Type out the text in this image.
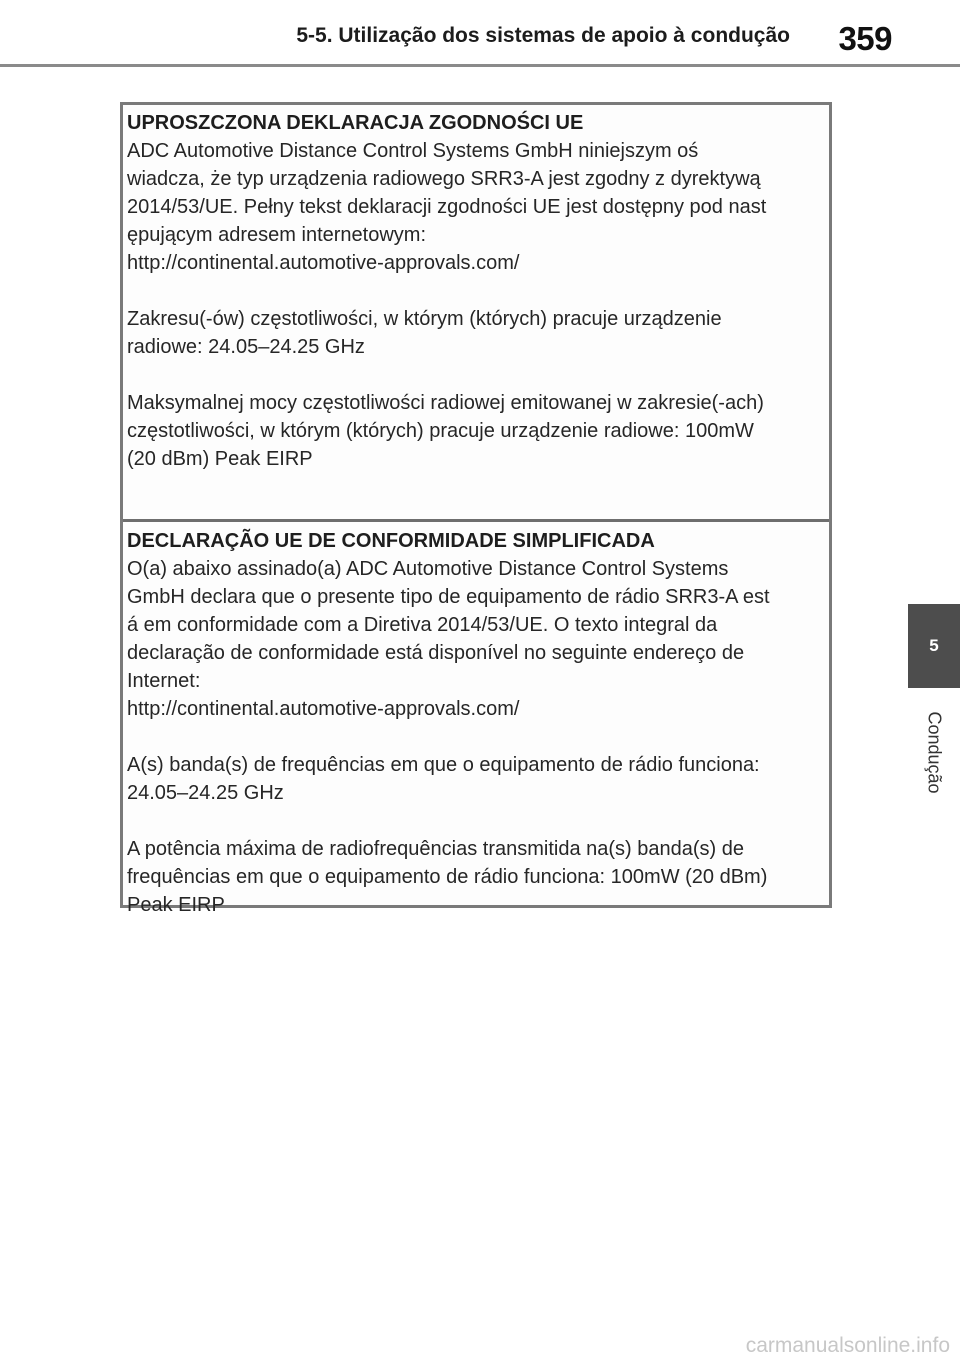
5-5. Utilização dos sistemas de apoio à condução 359
5
Condução
UPROSZCZONA DEKLARACJA ZGODNOŚCI UE
ADC Automotive Distance Control Systems GmbH niniejszym oś
wiadcza, że typ urządzenia radiowego SRR3-A jest zgodny z dyrektywą
2014/53/UE. Pełny tekst deklaracji zgodności UE jest dostępny pod nast
ępującym adresem internetowym:
http://continental.automotive-approvals.com/
Zakresu(-ów) częstotliwości, w którym (których) pracuje urządzenie
radiowe: 24.05–24.25 GHz
Maksymalnej mocy częstotliwości radiowej emitowanej w zakresie(-ach)
częstotliwości, w którym (których) pracuje urządzenie radiowe: 100mW
(20 dBm) Peak EIRP
DECLARAÇÃO UE DE CONFORMIDADE SIMPLIFICADA
O(a) abaixo assinado(a) ADC Automotive Distance Control Systems
GmbH declara que o presente tipo de equipamento de rádio SRR3-A est
á em conformidade com a Diretiva 2014/53/UE. O texto integral da
declaração de conformidade está disponível no seguinte endereço de
Internet:
http://continental.automotive-approvals.com/
A(s) banda(s) de frequências em que o equipamento de rádio funciona:
24.05–24.25 GHz
A potência máxima de radiofrequências transmitida na(s) banda(s) de
frequências em que o equipamento de rádio funciona: 100mW (20 dBm)
Peak EIRP
carmanualsonline.info
